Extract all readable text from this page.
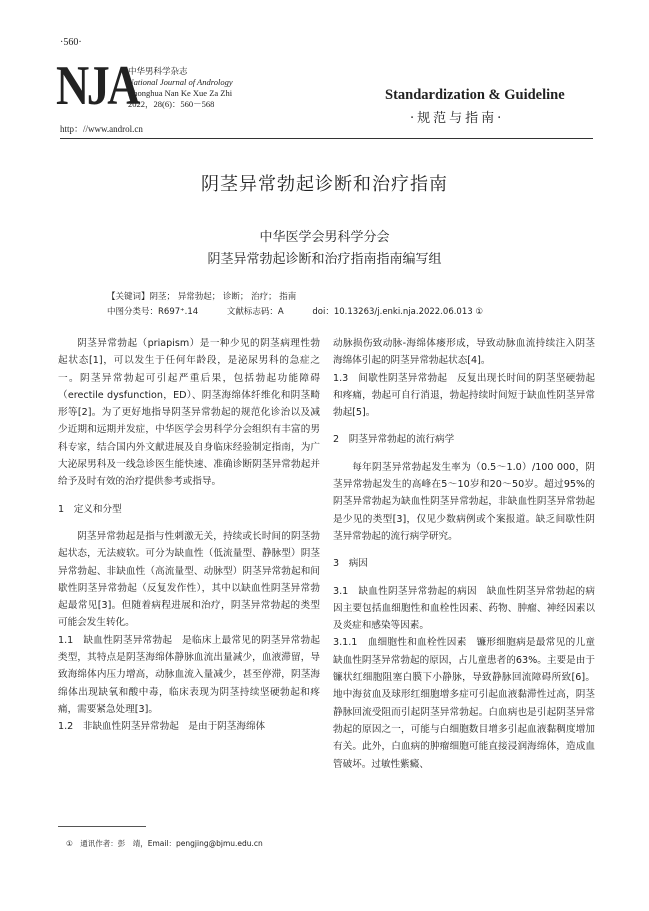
·560·
NJA
中华男科学杂志
National Journal of Andrology
Zhonghua Nan Ke Xue Za Zhi
2022，28(6)：560－568
http：//www.androl.cn
Standardization & Guideline
·规范与指南·
阴茎异常勃起诊断和治疗指南
中华医学会男科学分会
阴茎异常勃起诊断和治疗指南指南编写组
【关键词】阴茎； 异常勃起； 诊断； 治疗； 指南
中图分类号：R697⁺.14	文献标志码：A	doi：10.13263/j.enki.nja.2022.06.013 ①

阴茎异常勃起（priapism）是一种少见的阴茎病理性勃起状态[1]，可以发生于任何年龄段，是泌尿男科的急症之一。阴茎异常勃起可引起严重后果，包括勃起功能障碍（erectile dysfunction，ED）、阴茎海绵体纤维化和阴茎畸形等[2]。为了更好地指导阴茎异常勃起的规范化诊治以及减少近期和远期并发症，中华医学会男科学分会组织有丰富的男科专家，结合国内外文献进展及自身临床经验制定指南，为广大泌尿男科及一线急诊医生能快速、准确诊断阴茎异常勃起并给予及时有效的治疗提供参考或指导。

1　定义和分型

阴茎异常勃起是指与性刺激无关，持续或长时间的阴茎勃起状态，无法疲软。可分为缺血性（低流量型、静脉型）阴茎异常勃起、非缺血性（高流量型、动脉型）阴茎异常勃起和间歇性阴茎异常勃起（反复发作性），其中以缺血性阴茎异常勃起最常见[3]。但随着病程进展和治疗，阴茎异常勃起的类型可能会发生转化。

1.1　缺血性阴茎异常勃起　是临床上最常见的阴茎异常勃起类型，其特点是阴茎海绵体静脉血流出量减少，血液滞留，导致海绵体内压力增高，动脉血流入量减少，甚至停滞，阴茎海绵体出现缺氧和酸中毒，临床表现为阴茎持续坚硬勃起和疼痛，需要紧急处理[3]。

1.2　非缺血性阴茎异常勃起　是由于阴茎海绵体

动脉损伤致动脉-海绵体瘘形成，导致动脉血流持续注入阴茎海绵体引起的阴茎异常勃起状态[4]。

1.3　间歇性阴茎异常勃起　反复出现长时间的阴茎坚硬勃起和疼痛，勃起可自行消退，勃起持续时间短于缺血性阴茎异常勃起[5]。

2　阴茎异常勃起的流行病学

每年阴茎异常勃起发生率为（0.5～1.0）/100 000，阴茎异常勃起发生的高峰在5～10岁和20～50岁。超过95%的阴茎异常勃起为缺血性阴茎异常勃起，非缺血性阴茎异常勃起是少见的类型[3]，仅见少数病例或个案报道。缺乏间歇性阴茎异常勃起的流行病学研究。

3　病因

3.1　缺血性阴茎异常勃起的病因　缺血性阴茎异常勃起的病因主要包括血细胞性和血栓性因素、药物、肿瘤、神经因素以及炎症和感染等因素。

3.1.1　血细胞性和血栓性因素　镰形细胞病是最常见的儿童缺血性阴茎异常勃起的原因，占儿童患者的63%。主要是由于镰状红细胞阻塞白膜下小静脉，导致静脉回流障碍所致[6]。地中海贫血及球形红细胞增多症可引起血液黏滞性过高，阴茎静脉回流受阻而引起阴茎异常勃起。白血病也是引起阴茎异常勃起的原因之一，可能与白细胞数目增多引起血液黏稠度增加有关。此外，白血病的肿瘤细胞可能直接浸润海绵体，造成血管破坏。过敏性紫癜、

①　通讯作者：彭　靖，Email：pengjing@bjmu.edu.cn
